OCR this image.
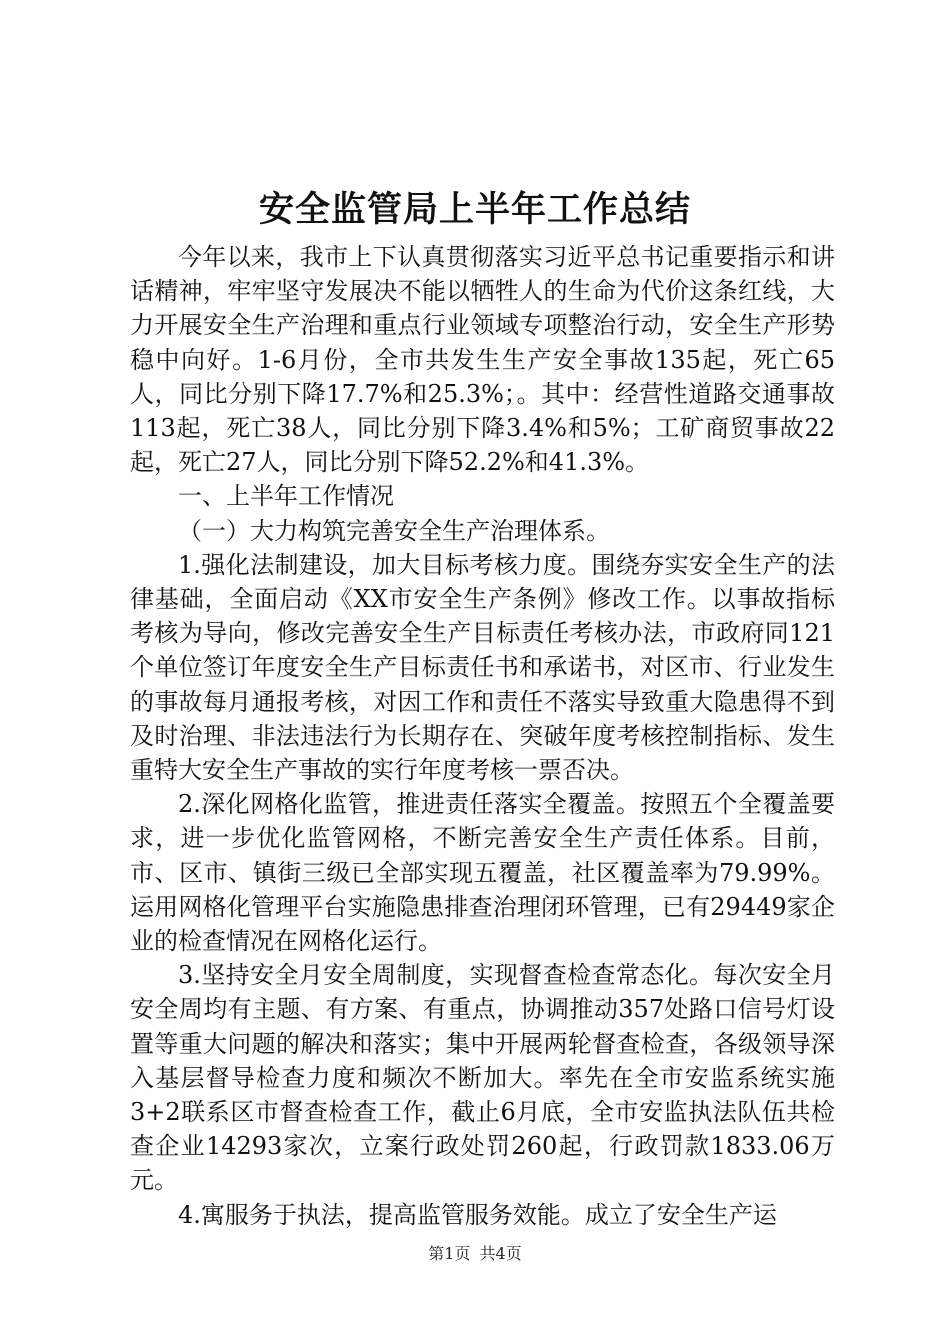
安全监管局上半年工作总结

今年以来，我市上下认真贯彻落实习近平总书记重要指示和讲话精神，牢牢坚守发展决不能以牺牲人的生命为代价这条红线，大力开展安全生产治理和重点行业领域专项整治行动，安全生产形势稳中向好。1-6月份，全市共发生生产安全事故135起，死亡65人，同比分别下降17.7%和25.3%；。其中：经营性道路交通事故113起，死亡38人，同比分别下降3.4%和5%；工矿商贸事故22起，死亡27人，同比分别下降52.2%和41.3%。

一、上半年工作情况

（一）大力构筑完善安全生产治理体系。

1.强化法制建设，加大目标考核力度。围绕夯实安全生产的法律基础，全面启动《XX市安全生产条例》修改工作。以事故指标考核为导向，修改完善安全生产目标责任考核办法，市政府同121个单位签订年度安全生产目标责任书和承诺书，对区市、行业发生的事故每月通报考核，对因工作和责任不落实导致重大隐患得不到及时治理、非法违法行为长期存在、突破年度考核控制指标、发生重特大安全生产事故的实行年度考核一票否决。

2.深化网格化监管，推进责任落实全覆盖。按照五个全覆盖要求，进一步优化监管网格，不断完善安全生产责任体系。目前，市、区市、镇街三级已全部实现五覆盖，社区覆盖率为79.99%。运用网格化管理平台实施隐患排查治理闭环管理，已有29449家企业的检查情况在网格化运行。

3.坚持安全月安全周制度，实现督查检查常态化。每次安全月安全周均有主题、有方案、有重点，协调推动357处路口信号灯设置等重大问题的解决和落实；集中开展两轮督查检查，各级领导深入基层督导检查力度和频次不断加大。率先在全市安监系统实施3+2联系区市督查检查工作，截止6月底，全市安监执法队伍共检查企业14293家次，立案行政处罚260起，行政罚款1833.06万元。

4.寓服务于执法，提高监管服务效能。成立了安全生产运

第1页 共4页
